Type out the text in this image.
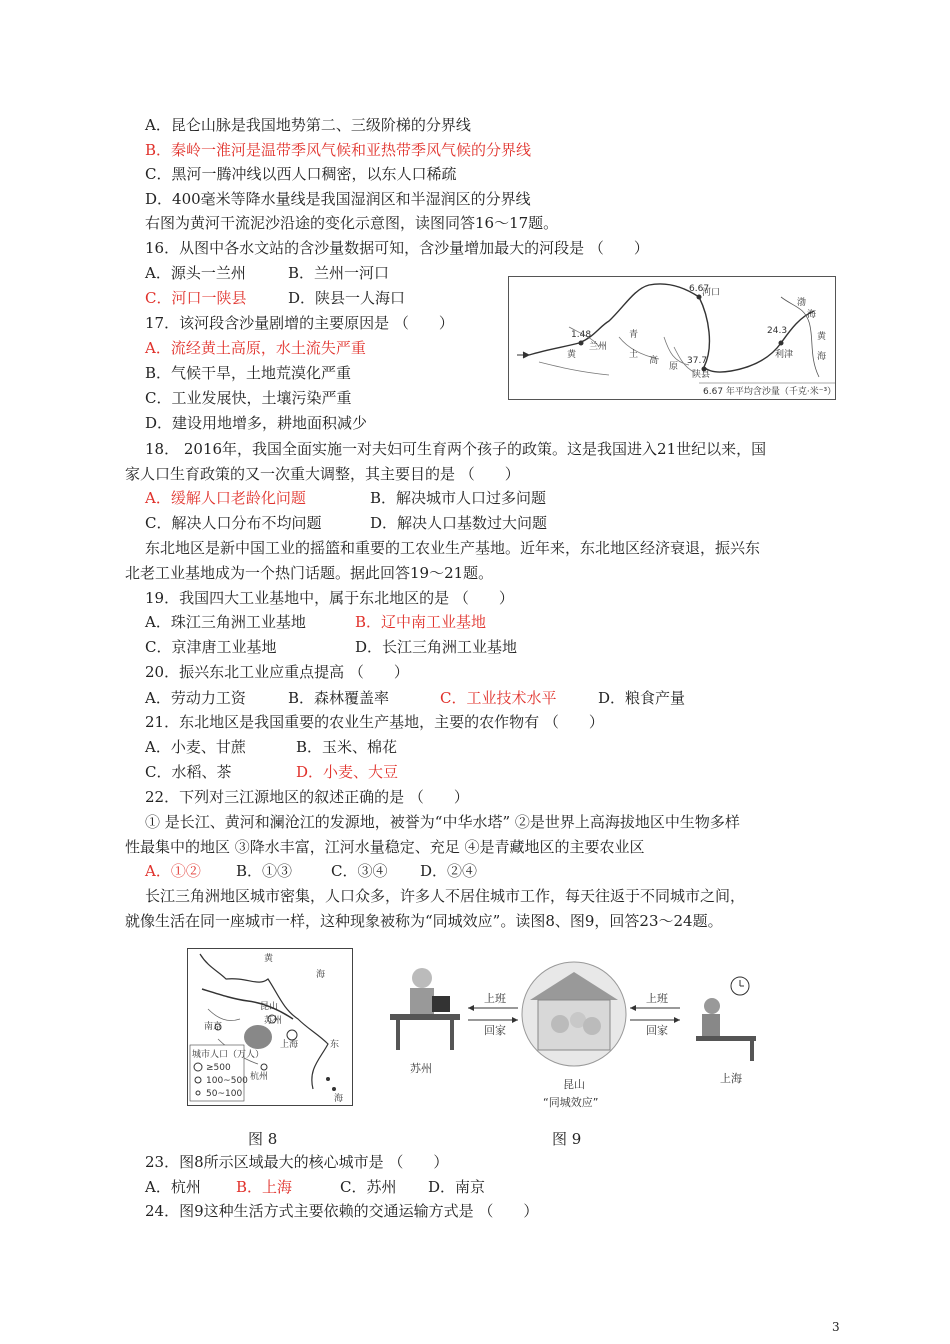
A．昆仑山脉是我国地势第二、三级阶梯的分界线
B．秦岭一淮河是温带季风气候和亚热带季风气候的分界线
C．黑河一腾冲线以西人口稠密，以东人口稀疏
D．400毫米等降水量线是我国湿润区和半湿润区的分界线
右图为黄河干流泥沙沿途的变化示意图，读图同答16～17题。
16．从图中各水文站的含沙量数据可知，含沙量增加最大的河段是 （　　）
A．源头一兰州	B．兰州一河口
C．河口一陕县	D．陕县一人海口
17．该河段含沙量剧增的主要原因是 （　　）
A．流经黄土高原，水土流失严重
B．气候干旱，土地荒漠化严重
C．工业发展快，土壤污染严重
D．建设用地增多，耕地面积减少
18． 2016年，我国全面实施一对夫妇可生育两个孩子的政策。这是我国进入21世纪以来，国
家人口生育政策的又一次重大调整，其主要目的是 （　　）
A．缓解人口老龄化问题	B．解决城市人口过多问题
C．解决人口分布不均问题	D．解决人口基数过大问题
东北地区是新中国工业的摇篮和重要的工农业生产基地。近年来，东北地区经济衰退，振兴东
北老工业基地成为一个热门话题。据此回答19～21题。
19．我国四大工业基地中，属于东北地区的是 （　　）
A．珠江三角洲工业基地	B．辽中南工业基地
C．京津唐工业基地	D．长江三角洲工业基地
20．振兴东北工业应重点提高 （　　）
A．劳动力工资	B．森林覆盖率	C．工业技术水平	D．粮食产量
21．东北地区是我国重要的农业生产基地，主要的农作物有 （　　）
A．小麦、甘蔗	B．玉米、棉花
C．水稻、茶	D．小麦、大豆
22．下列对三江源地区的叙述正确的是 （　　）
① 是长江、黄河和澜沧江的发源地，被誉为“中华水塔” ②是世界上高海拔地区中生物多样
性最集中的地区 ③降水丰富，江河水量稳定、充足 ④是青藏地区的主要农业区
A．①② B．①③	C．③④ D．②④
长江三角洲地区城市密集，人口众多，许多人不居住城市工作，每天往返于不同城市之间，
就像生活在同一座城市一样，这种现象被称为“同城效应”。读图8、图9，回答23～24题。
23．图8所示区域最大的核心城市是 （　　）
A．杭州 B．上海	C．苏州 D．南京
24．图9这种生活方式主要依赖的交通运输方式是 （　　）
6.67
1.48	24.3
37.7
河口
渤
海
黄
海
利津
陕县
兰州
青
黄	土
高
原
6.67 年平均含沙量（千克·米⁻³）
黄
海
南京
昆山
苏州
上海	东
杭州
海
城市人口（万人）
≥500
100~500
50~100
苏州
上班
回家
昆山
“同城效应”
上班
回家
上海
图 8	图 9
3
